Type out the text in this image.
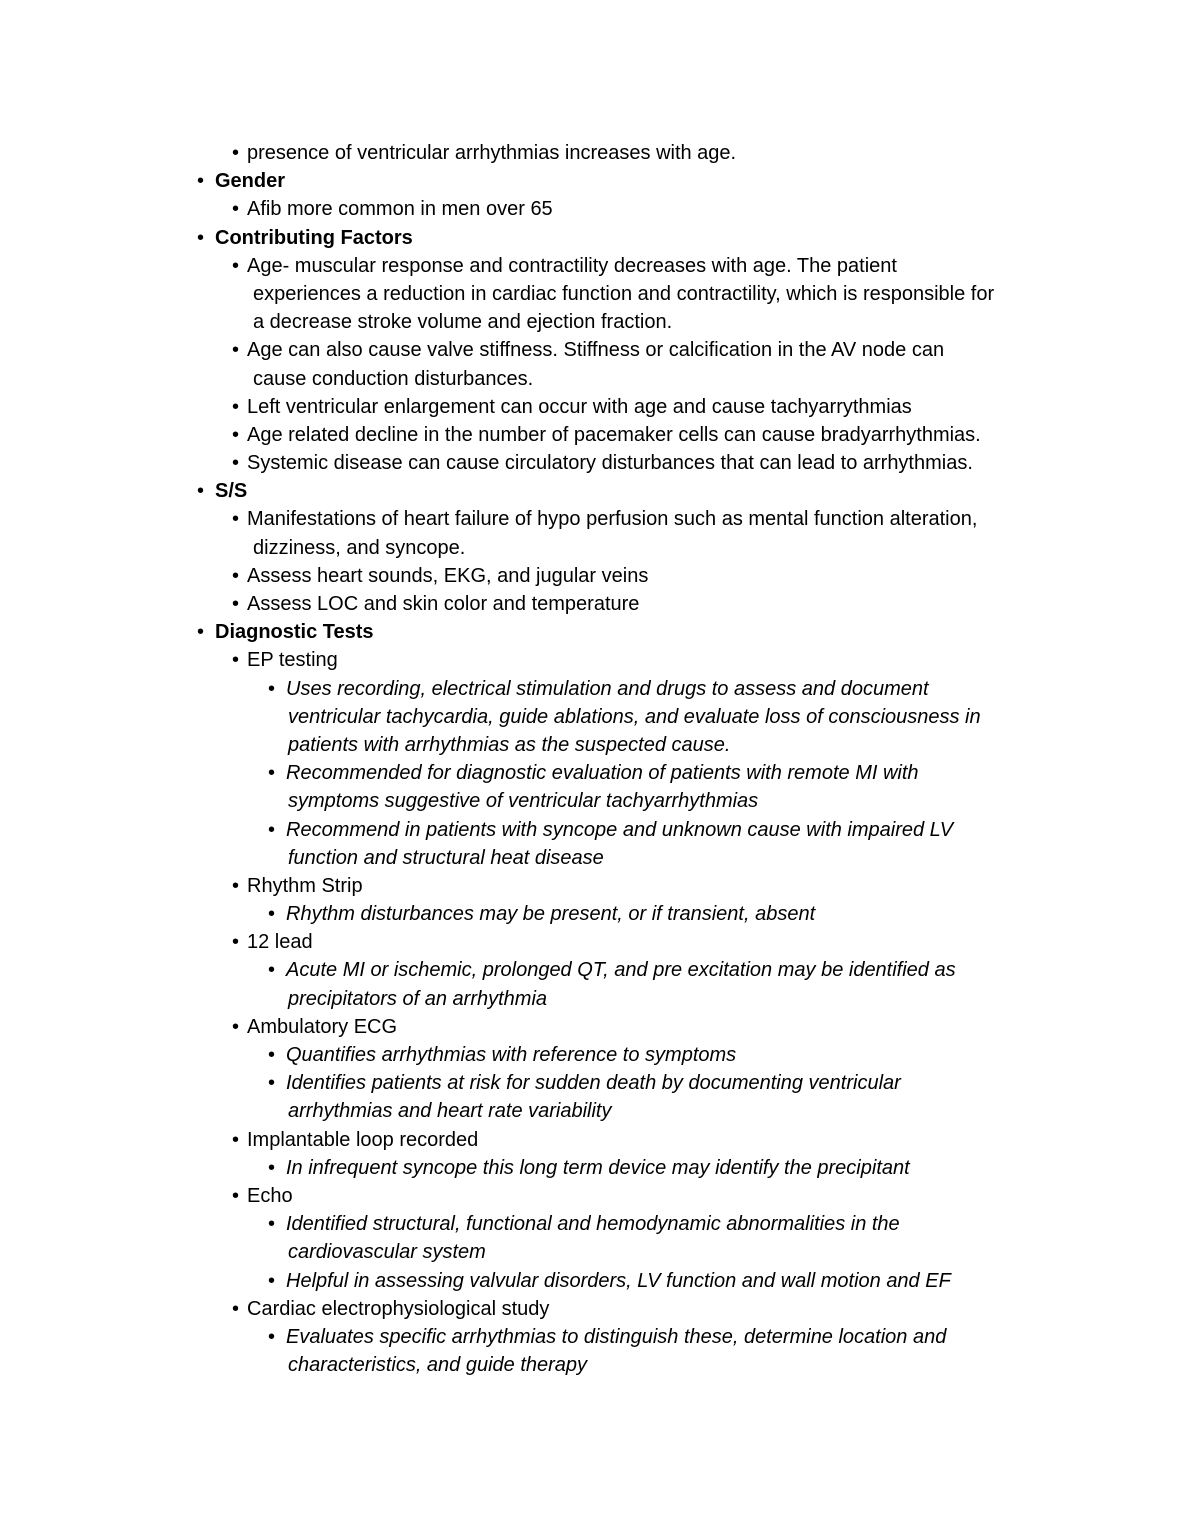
• presence of ventricular arrhythmias increases with age.
• Gender
• Afib more common in men over 65
• Contributing Factors
• Age- muscular response and contractility decreases with age. The patient
experiences a reduction in cardiac function and contractility, which is responsible for
a decrease stroke volume and ejection fraction.
• Age can also cause valve stiffness. Stiffness or calcification in the AV node can
cause conduction disturbances.
• Left ventricular enlargement can occur with age and cause tachyarrythmias
• Age related decline in the number of pacemaker cells can cause bradyarrhythmias.
• Systemic disease can cause circulatory disturbances that can lead to arrhythmias.
• S/S
• Manifestations of heart failure of hypo perfusion such as mental function alteration,
dizziness, and syncope.
• Assess heart sounds, EKG, and jugular veins
• Assess LOC and skin color and temperature
• Diagnostic Tests
• EP testing
• Uses recording, electrical stimulation and drugs to assess and document
ventricular tachycardia, guide ablations, and evaluate loss of consciousness in
patients with arrhythmias as the suspected cause.
• Recommended for diagnostic evaluation of patients with remote MI with
symptoms suggestive of ventricular tachyarrhythmias
• Recommend in patients with syncope and unknown cause with impaired LV
function and structural heat disease
• Rhythm Strip
• Rhythm disturbances may be present, or if transient, absent
• 12 lead
• Acute MI or ischemic, prolonged QT, and pre excitation may be identified as
precipitators of an arrhythmia
• Ambulatory ECG
• Quantifies arrhythmias with reference to symptoms
• Identifies patients at risk for sudden death by documenting ventricular
arrhythmias and heart rate variability
• Implantable loop recorded
• In infrequent syncope this long term device may identify the precipitant
• Echo
• Identified structural, functional and hemodynamic abnormalities in the
cardiovascular system
• Helpful in assessing valvular disorders, LV function and wall motion and EF
• Cardiac electrophysiological study
• Evaluates specific arrhythmias to distinguish these, determine location and
characteristics, and guide therapy
